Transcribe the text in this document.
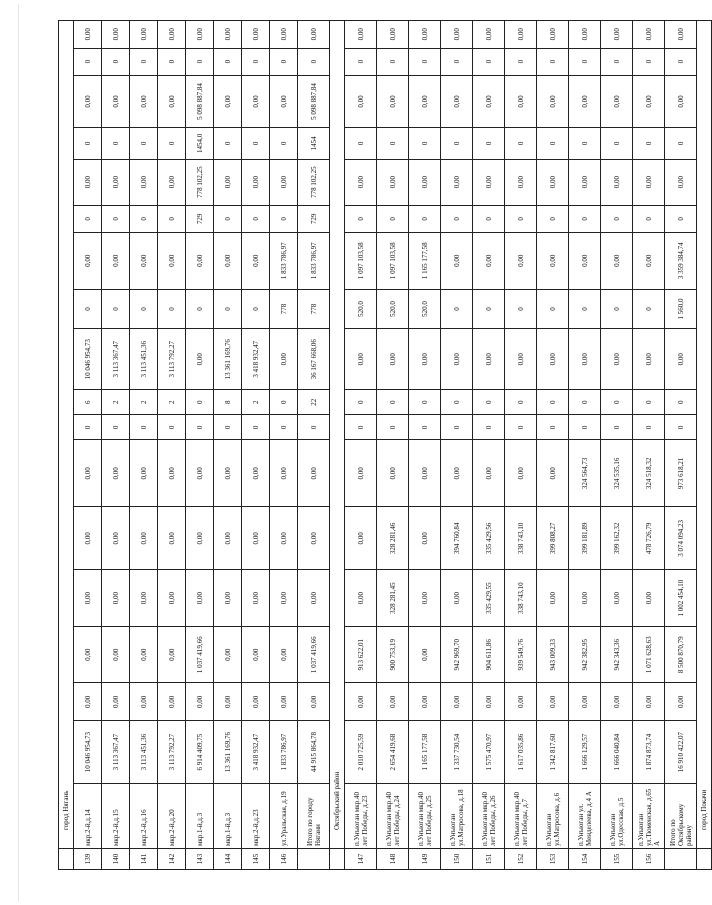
	город Нягань																	
139	мкр.2-й,д.14	10 046 954,73	0,00	0,00	0,00	0,00	0,00	0	6	10 046 954,73	0	0,00	0	0,00	0	0,00	0	0,00
140	мкр.2-й,д.15	3 113 367,47	0,00	0,00	0,00	0,00	0,00	0	2	3 113 367,47	0	0,00	0	0,00	0	0,00	0	0,00
141	мкр.2-й,д.16	3 113 451,36	0,00	0,00	0,00	0,00	0,00	0	2	3 113 451,36	0	0,00	0	0,00	0	0,00	0	0,00
142	мкр.2-й,д.20	3 113 792,27	0,00	0,00	0,00	0,00	0,00	0	2	3 113 792,27	0	0,00	0	0,00	0	0,00	0	0,00
143	мкр.1-й,д.3	6 914 409,75	0,00	1 037 419,66	0,00	0,00	0,00	0	0	0,00	0	0,00	729	778 102,25	1454,0	5 098 887,84	0	0,00
144	мкр.1-й,д.3	13 361 169,76	0,00	0,00	0,00	0,00	0,00	0	8	13 361 169,76	0	0,00	0	0,00	0	0,00	0	0,00
145	мкр.2-й,д.23	3 418 932,47	0,00	0,00	0,00	0,00	0,00	0	2	3 418 932,47	0	0,00	0	0,00	0	0,00	0	0,00
146	ул.Уральская, д.19	1 833 786,97	0,00	0,00	0,00	0,00	0,00	0	0	0,00	778	1 833 786,97	0	0,00	0	0,00	0	0,00
	Итого по городу Нягани	44 915 864,78	0,00	1 037 419,66	0,00	0,00	0,00	0	22	36 167 668,06	778	1 833 786,97	729	778 102,25	1454	5 098 887,84	0	0,00
	Октябрьский район																	
147	п.Унъюган мкр.40 лет Победы, д.23	2 010 725,59	0,00	913 622,01	0,00	0,00	0,00	0	0	0,00	520,0	1 097 103,58	0	0,00	0	0,00	0	0,00
148	п.Унъюган мкр.40 лет Победы, д.24	2 654 419,68	0,00	900 753,19	328 281,45	328 281,46	0,00	0	0	0,00	520,0	1 097 103,58	0	0,00	0	0,00	0	0,00
149	п.Унъюган мкр.40 лет Победы, д.25	1 165 177,58	0,00	0,00	0,00	0,00	0,00	0	0	0,00	520,0	1 165 177,58	0	0,00	0	0,00	0	0,00
150	п.Унъюган ул.Матросова, д.18	1 337 730,54	0,00	942 969,70	0,00	394 760,84	0,00	0	0	0,00	0	0,00	0	0,00	0	0,00	0	0,00
151	п.Унъюган мкр.40 лет Победы, д.26	1 575 470,97	0,00	904 611,86	335 429,55	335 429,56	0,00	0	0	0,00	0	0,00	0	0,00	0	0,00	0	0,00
152	п.Унъюган мкр.40 лет Победы, д.7	1 617 035,86	0,00	939 549,76	338 743,10	338 743,10	0,00	0	0	0,00	0	0,00	0	0,00	0	0,00	0	0,00
153	п.Унъюган ул.Матросова, д.6	1 342 817,60	0,00	943 009,33	0,00	399 808,27	0,00	0	0	0,00	0	0,00	0	0,00	0	0,00	0	0,00
154	п.Унъюган ул. Менделеева, д.4 А	1 666 129,57	0,00	942 382,95	0,00	399 181,89	324 564,73	0	0	0,00	0	0,00	0	0,00	0	0,00	0	0,00
155	п.Унъюган ул.Одесская, д.5	1 666 040,84	0,00	942 343,36	0,00	399 162,32	324 535,16	0	0	0,00	0	0,00	0	0,00	0	0,00	0	0,00
156	п.Унъюган ул.Тюменская, д.65 А	1 874 873,74	0,00	1 071 628,63	0,00	478 726,79	324 518,32	0	0	0,00	0	0,00	0	0,00	0	0,00	0	0,00
	Итого по Октябрьскому району	16 910 422,07	0,00	8 500 870,79	1 002 454,10	3 074 094,23	973 618,21	0	0	0,00	1 560,0	3 359 384,74	0	0,00	0	0,00	0	0,00
	город Покачи																	
